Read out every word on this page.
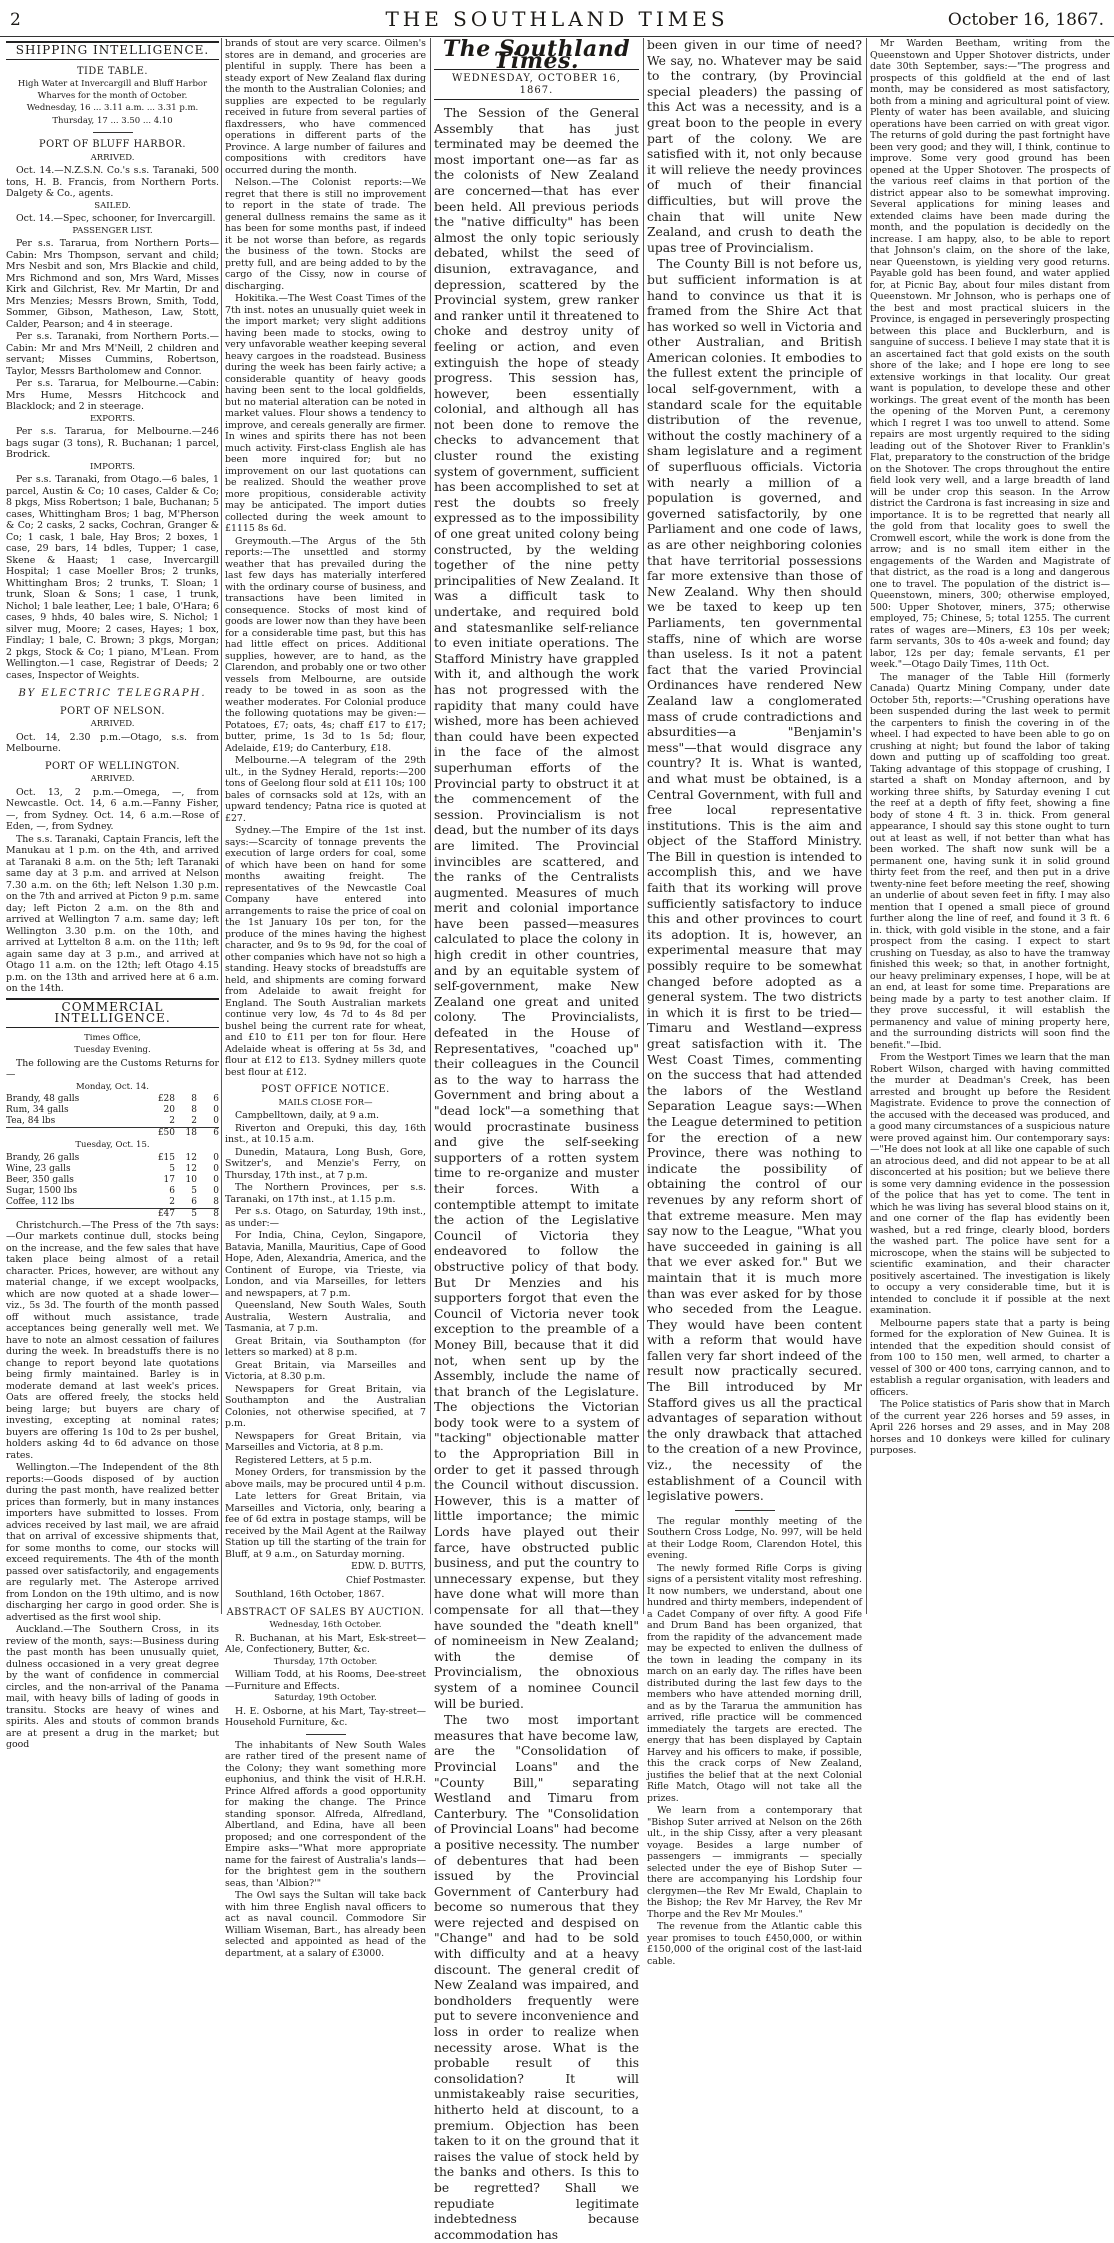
2	THE SOUTHLAND TIMES	October 16, 1867.
SHIPPING INTELLIGENCE.
TIDE TABLE.
High Water at Invercargill and Bluff Harbor Wharves for the month of October.
Wednesday, 16 ... 3.11 a.m. ... 3.31 p.m.
Thursday, 17 ... 3.50 ... 4.10
PORT OF BLUFF HARBOR.
ARRIVED.

Oct. 14.—N.Z.S.N. Co.'s s.s. Taranaki, 500 tons, H. B. Francis, from Northern Ports. Dalgety & Co., agents.

SAILED.

Oct. 14.—Spec, schooner, for Invercargill.

PASSENGER LIST.

Per s.s. Tararua, from Northern Ports—Cabin: Mrs Thompson, servant and child; Mrs Nesbit and son, Mrs Blackie and child, Mrs Richmond and son, Mrs Ward, Misses Kirk and Gilchrist, Rev. Mr Martin, Dr and Mrs Menzies; Messrs Brown, Smith, Todd, Sommer, Gibson, Matheson, Law, Stott, Calder, Pearson; and 4 in steerage.

Per s.s. Taranaki, from Northern Ports.—Cabin: Mr and Mrs M'Neill, 2 children and servant; Misses Cummins, Robertson, Taylor, Messrs Bartholomew and Connor.

Per s.s. Tararua, for Melbourne.—Cabin: Mrs Hume, Messrs Hitchcock and Blacklock; and 2 in steerage.

EXPORTS.

Per s.s. Tararua, for Melbourne.—246 bags sugar (3 tons), R. Buchanan; 1 parcel, Brodrick.

IMPORTS.

Per s.s. Taranaki, from Otago.—6 bales, 1 parcel, Austin & Co; 10 cases, Calder & Co; 8 pkgs, Miss Robertson; 1 bale, Buchanan; 5 cases, Whittingham Bros; 1 bag, M'Pherson & Co; 2 casks, 2 sacks, Cochran, Granger & Co; 1 cask, 1 bale, Hay Bros; 2 boxes, 1 case, 29 bars, 14 bdles, Tupper; 1 case, Skene & Haast; 1 case, Invercargill Hospital; 1 case Moeller Bros; 2 trunks, Whittingham Bros; 2 trunks, T. Sloan; 1 trunk, Sloan & Sons; 1 case, 1 trunk, Nichol; 1 bale leather, Lee; 1 bale, O'Hara; 6 cases, 9 hhds, 40 bales wire, S. Nichol; 1 silver mug, Moore; 2 cases, Hayes; 1 box, Findlay; 1 bale, C. Brown; 3 pkgs, Morgan; 2 pkgs, Stock & Co; 1 piano, M'Lean. From Wellington.—1 case, Registrar of Deeds; 2 cases, Inspector of Weights.

BY ELECTRIC TELEGRAPH.
PORT OF NELSON.
ARRIVED.

Oct. 14, 2.30 p.m.—Otago, s.s. from Melbourne.

PORT OF WELLINGTON.
ARRIVED.

Oct. 13, 2 p.m.—Omega, —, from Newcastle. Oct. 14, 6 a.m.—Fanny Fisher, —, from Sydney. Oct. 14, 6 a.m.—Rose of Eden, —, from Sydney.

The s.s. Taranaki, Captain Francis, left the Manukau at 1 p.m. on the 4th, and arrived at Taranaki 8 a.m. on the 5th; left Taranaki same day at 3 p.m. and arrived at Nelson 7.30 a.m. on the 6th; left Nelson 1.30 p.m. on the 7th and arrived at Picton 9 p.m. same day; left Picton 2 a.m. on the 8th and arrived at Wellington 7 a.m. same day; left Wellington 3.30 p.m. on the 10th, and arrived at Lyttelton 8 a.m. on the 11th; left again same day at 3 p.m., and arrived at Otago 11 a.m. on the 12th; left Otago 4.15 p.m. on the 13th and arrived here at 6 a.m. on the 14th.

COMMERCIAL INTELLIGENCE.
Times Office,
Tuesday Evening.

The following are the Customs Returns for—

Monday, Oct. 14.
Brandy, 48 galls	£28	8	6
Rum, 34 galls	20	8	0
Tea, 84 lbs	2	2	0
	£50	18	6
Tuesday, Oct. 15.
Brandy, 26 galls	£15	12	0
Wine, 23 galls	5	12	0
Beer, 350 galls	17	10	0
Sugar, 1500 lbs	6	5	0
Coffee, 112 lbs	2	6	8
	£47	5	8

Christchurch.—The Press of the 7th says:—Our markets continue dull, stocks being on the increase, and the few sales that have taken place being almost of a retail character. Prices, however, are without any material change, if we except woolpacks, which are now quoted at a shade lower—viz., 5s 3d. The fourth of the month passed off without much assistance, trade acceptances being generally well met. We have to note an almost cessation of failures during the week. In breadstuffs there is no change to report beyond late quotations being firmly maintained. Barley is in moderate demand at last week's prices. Oats are offered freely, the stocks held being large; but buyers are chary of investing, excepting at nominal rates; buyers are offering 1s 10d to 2s per bushel, holders asking 4d to 6d advance on those rates.

Wellington.—The Independent of the 8th reports:—Goods disposed of by auction during the past month, have realized better prices than formerly, but in many instances importers have submitted to losses. From advices received by last mail, we are afraid that on arrival of excessive shipments that, for some months to come, our stocks will exceed requirements. The 4th of the month passed over satisfactorily, and engagements are regularly met. The Asterope arrived from London on the 19th ultimo, and is now discharging her cargo in good order. She is advertised as the first wool ship.

Auckland.—The Southern Cross, in its review of the month, says:—Business during the past month has been unusually quiet, dulness occasioned in a very great degree by the want of confidence in commercial circles, and the non-arrival of the Panama mail, with heavy bills of lading of goods in transitu. Stocks are heavy of wines and spirits. Ales and stouts of common brands are at present a drug in the market; but good

brands of stout are very scarce. Oilmen's stores are in demand, and groceries are plentiful in supply. There has been a steady export of New Zealand flax during the month to the Australian Colonies; and supplies are expected to be regularly received in future from several parties of flaxdressers, who have commenced operations in different parts of the Province. A large number of failures and compositions with creditors have occurred during the month.

Nelson.—The Colonist reports:—We regret that there is still no improvement to report in the state of trade. The general dullness remains the same as it has been for some months past, if indeed it be not worse than before, as regards the business of the town. Stocks are pretty full, and are being added to by the cargo of the Cissy, now in course of discharging.

Hokitika.—The West Coast Times of the 7th inst. notes an unusually quiet week in the import market; very slight additions having been made to stocks, owing to very unfavorable weather keeping several heavy cargoes in the roadstead. Business during the week has been fairly active; a considerable quantity of heavy goods having been sent to the local goldfields, but no material alteration can be noted in market values. Flour shows a tendency to improve, and cereals generally are firmer. In wines and spirits there has not been much activity. First-class English ale has been more inquired for; but no improvement on our last quotations can be realized. Should the weather prove more propitious, considerable activity may be anticipated. The import duties collected during the week amount to £1115 8s 6d.

Greymouth.—The Argus of the 5th reports:—The unsettled and stormy weather that has prevailed during the last few days has materially interfered with the ordinary course of business, and transactions have been limited in consequence. Stocks of most kind of goods are lower now than they have been for a considerable time past, but this has had little effect on prices. Additional supplies, however, are to hand, as the Clarendon, and probably one or two other vessels from Melbourne, are outside ready to be towed in as soon as the weather moderates. For Colonial produce the following quotations may be given:—Potatoes, £7; oats, 4s; chaff £17 to £17; butter, prime, 1s 3d to 1s 5d; flour, Adelaide, £19; do Canterbury, £18.

Melbourne.—A telegram of the 29th ult., in the Sydney Herald, reports:—200 tons of Geelong flour sold at £11 10s; 100 bales of cornsacks sold at 12s, with an upward tendency; Patna rice is quoted at £27.

Sydney.—The Empire of the 1st inst. says:—Scarcity of tonnage prevents the execution of large orders for coal, some of which have been on hand for some months awaiting freight. The representatives of the Newcastle Coal Company have entered into arrangements to raise the price of coal on the 1st January 10s per ton, for the produce of the mines having the highest character, and 9s to 9s 9d, for the coal of other companies which have not so high a standing. Heavy stocks of breadstuffs are held, and shipments are coming forward from Adelaide to await freight for England. The South Australian markets continue very low, 4s 7d to 4s 8d per bushel being the current rate for wheat, and £10 to £11 per ton for flour. Here Adelaide wheat is offering at 5s 3d, and flour at £12 to £13. Sydney millers quote best flour at £12.

POST OFFICE NOTICE.
MAILS CLOSE FOR—

Campbelltown, daily, at 9 a.m.

Riverton and Orepuki, this day, 16th inst., at 10.15 a.m.

Dunedin, Mataura, Long Bush, Gore, Switzer's, and Menzie's Ferry, on Thursday, 17th inst., at 7 p.m.

The Northern Provinces, per s.s. Taranaki, on 17th inst., at 1.15 p.m.

Per s.s. Otago, on Saturday, 19th inst., as under:—

For India, China, Ceylon, Singapore, Batavia, Manilla, Mauritius, Cape of Good Hope, Aden, Alexandria, America, and the Continent of Europe, via Trieste, via London, and via Marseilles, for letters and newspapers, at 7 p.m.

Queensland, New South Wales, South Australia, Western Australia, and Tasmania, at 7 p.m.

Great Britain, via Southampton (for letters so marked) at 8 p.m.

Great Britain, via Marseilles and Victoria, at 8.30 p.m.

Newspapers for Great Britain, via Southampton and the Australian Colonies, not otherwise specified, at 7 p.m.

Newspapers for Great Britain, via Marseilles and Victoria, at 8 p.m.

Registered Letters, at 5 p.m.

Money Orders, for transmission by the above mails, may be procured until 4 p.m.

Late letters for Great Britain, via Marseilles and Victoria, only, bearing a fee of 6d extra in postage stamps, will be received by the Mail Agent at the Railway Station up till the starting of the train for Bluff, at 9 a.m., on Saturday morning.

EDW. D. BUTTS,
Chief Postmaster.

Southland, 16th October, 1867.

ABSTRACT OF SALES BY AUCTION.
Wednesday, 16th October.

R. Buchanan, at his Mart, Esk-street—Ale, Confectionery, Butter, &c.

Thursday, 17th October.

William Todd, at his Rooms, Dee-street—Furniture and Effects.

Saturday, 19th October.

H. E. Osborne, at his Mart, Tay-street—Household Furniture, &c.

The inhabitants of New South Wales are rather tired of the present name of the Colony; they want something more euphonius, and think the visit of H.R.H. Prince Alfred affords a good opportunity for making the change. The Prince standing sponsor. Alfreda, Alfredland, Albertland, and Edina, have all been proposed; and one correspondent of the Empire asks—"What more appropriate name for the fairest of Australia's lands—for the brightest gem in the southern seas, than 'Albion?'"

The Owl says the Sultan will take back with him three English naval officers to act as naval council. Commodore Sir William Wiseman, Bart., has already been selected and appointed as head of the department, at a salary of £3000.

The Southland Times.
WEDNESDAY, OCTOBER 16, 1867.

The Session of the General Assembly that has just terminated may be deemed the most important one—as far as the colonists of New Zealand are concerned—that has ever been held. All previous periods the "native difficulty" has been almost the only topic seriously debated, whilst the seed of disunion, extravagance, and depression, scattered by the Provincial system, grew ranker and ranker until it threatened to choke and destroy unity of feeling or action, and even extinguish the hope of steady progress. This session has, however, been essentially colonial, and although all has not been done to remove the checks to advancement that cluster round the existing system of government, sufficient has been accomplished to set at rest the doubts so freely expressed as to the impossibility of one great united colony being constructed, by the welding together of the nine petty principalities of New Zealand. It was a difficult task to undertake, and required bold and statesmanlike self-reliance to even initiate operations. The Stafford Ministry have grappled with it, and although the work has not progressed with the rapidity that many could have wished, more has been achieved than could have been expected in the face of the almost superhuman efforts of the Provincial party to obstruct it at the commencement of the session. Provincialism is not dead, but the number of its days are limited. The Provincial invincibles are scattered, and the ranks of the Centralists augmented. Measures of much merit and colonial importance have been passed—measures calculated to place the colony in high credit in other countries, and by an equitable system of self-government, make New Zealand one great and united colony. The Provincialists, defeated in the House of Representatives, "coached up" their colleagues in the Council as to the way to harrass the Government and bring about a "dead lock"—a something that would procrastinate business and give the self-seeking supporters of a rotten system time to re-organize and muster their forces. With a contemptible attempt to imitate the action of the Legislative Council of Victoria they endeavored to follow the obstructive policy of that body. But Dr Menzies and his supporters forgot that even the Council of Victoria never took exception to the preamble of a Money Bill, because that it did not, when sent up by the Assembly, include the name of that branch of the Legislature. The objections the Victorian body took were to a system of "tacking" objectionable matter to the Appropriation Bill in order to get it passed through the Council without discussion. However, this is a matter of little importance; the mimic Lords have played out their farce, have obstructed public business, and put the country to unnecessary expense, but they have done what will more than compensate for all that—they have sounded the "death knell" of nomineeism in New Zealand; with the demise of Provincialism, the obnoxious system of a nominee Council will be buried.

The two most important measures that have become law, are the "Consolidation of Provincial Loans" and the "County Bill," separating Westland and Timaru from Canterbury. The "Consolidation of Provincial Loans" had become a positive necessity. The number of debentures that had been issued by the Provincial Government of Canterbury had become so numerous that they were rejected and despised on "Change" and had to be sold with difficulty and at a heavy discount. The general credit of New Zealand was impaired, and bondholders frequently were put to severe inconvenience and loss in order to realize when necessity arose. What is the probable result of this consolidation? It will unmistakeably raise securities, hitherto held at discount, to a premium. Objection has been taken to it on the ground that it raises the value of stock held by the banks and others. Is this to be regretted? Shall we repudiate legitimate indebtedness because accommodation has

been given in our time of need? We say, no. Whatever may be said to the contrary, (by Provincial special pleaders) the passing of this Act was a necessity, and is a great boon to the people in every part of the colony. We are satisfied with it, not only because it will relieve the needy provinces of much of their financial difficulties, but will prove the chain that will unite New Zealand, and crush to death the upas tree of Provincialism.

The County Bill is not before us, but sufficient information is at hand to convince us that it is framed from the Shire Act that has worked so well in Victoria and other Australian, and British American colonies. It embodies to the fullest extent the principle of local self-government, with a standard scale for the equitable distribution of the revenue, without the costly machinery of a sham legislature and a regiment of superfluous officials. Victoria with nearly a million of a population is governed, and governed satisfactorily, by one Parliament and one code of laws, as are other neighboring colonies that have territorial possessions far more extensive than those of New Zealand. Why then should we be taxed to keep up ten Parliaments, ten governmental staffs, nine of which are worse than useless. Is it not a patent fact that the varied Provincial Ordinances have rendered New Zealand law a conglomerated mass of crude contradictions and absurdities—a "Benjamin's mess"—that would disgrace any country? It is. What is wanted, and what must be obtained, is a Central Government, with full and free local representative institutions. This is the aim and object of the Stafford Ministry. The Bill in question is intended to accomplish this, and we have faith that its working will prove sufficiently satisfactory to induce this and other provinces to court its adoption. It is, however, an experimental measure that may possibly require to be somewhat changed before adopted as a general system. The two districts in which it is first to be tried—Timaru and Westland—express great satisfaction with it. The West Coast Times, commenting on the success that had attended the labors of the Westland Separation League says:—When the League determined to petition for the erection of a new Province, there was nothing to indicate the possibility of obtaining the control of our revenues by any reform short of that extreme measure. Men may say now to the League, "What you have succeeded in gaining is all that we ever asked for." But we maintain that it is much more than was ever asked for by those who seceded from the League. They would have been content with a reform that would have fallen very far short indeed of the result now practically secured. The Bill introduced by Mr Stafford gives us all the practical advantages of separation without the only drawback that attached to the creation of a new Province, viz., the necessity of the establishment of a Council with legislative powers.

The regular monthly meeting of the Southern Cross Lodge, No. 997, will be held at their Lodge Room, Clarendon Hotel, this evening.

The newly formed Rifle Corps is giving signs of a persistent vitality most refreshing. It now numbers, we understand, about one hundred and thirty members, independent of a Cadet Company of over fifty. A good Fife and Drum Band has been organized, that from the rapidity of the advancement made may be expected to enliven the dullness of the town in leading the company in its march on an early day. The rifles have been distributed during the last few days to the members who have attended morning drill, and as by the Tararua the ammunition has arrived, rifle practice will be commenced immediately the targets are erected. The energy that has been displayed by Captain Harvey and his officers to make, if possible, this the crack corps of New Zealand, justifies the belief that at the next Colonial Rifle Match, Otago will not take all the prizes.

We learn from a contemporary that "Bishop Suter arrived at Nelson on the 26th ult., in the ship Cissy, after a very pleasant voyage. Besides a large number of passengers — immigrants — specially selected under the eye of Bishop Suter — there are accompanying his Lordship four clergymen—the Rev Mr Ewald, Chaplain to the Bishop; the Rev Mr Harvey, the Rev Mr Thorpe and the Rev Mr Moules."

The revenue from the Atlantic cable this year promises to touch £450,000, or within £150,000 of the original cost of the last-laid cable.

Mr Warden Beetham, writing from the Queenstown and Upper Shotover districts, under date 30th September, says:—"The progress and prospects of this goldfield at the end of last month, may be considered as most satisfactory, both from a mining and agricultural point of view. Plenty of water has been available, and sluicing operations have been carried on with great vigor. The returns of gold during the past fortnight have been very good; and they will, I think, continue to improve. Some very good ground has been opened at the Upper Shotover. The prospects of the various reef claims in that portion of the district appear also to be somewhat improving. Several applications for mining leases and extended claims have been made during the month, and the population is decidedly on the increase. I am happy, also, to be able to report that Johnson's claim, on the shore of the lake, near Queenstown, is yielding very good returns. Payable gold has been found, and water applied for, at Picnic Bay, about four miles distant from Queenstown. Mr Johnson, who is perhaps one of the best and most practical sluicers in the Province, is engaged in perseveringly prospecting between this place and Bucklerburn, and is sanguine of success. I believe I may state that it is an ascertained fact that gold exists on the south shore of the lake; and I hope ere long to see extensive workings in that locality. Our great want is population, to develope these and other workings. The great event of the month has been the opening of the Morven Punt, a ceremony which I regret I was too unwell to attend. Some repairs are most urgently required to the siding leading out of the Shotover River to Franklin's Flat, preparatory to the construction of the bridge on the Shotover. The crops throughout the entire field look very well, and a large breadth of land will be under crop this season. In the Arrow district the Cardrona is fast increasing in size and importance. It is to be regretted that nearly all the gold from that locality goes to swell the Cromwell escort, while the work is done from the arrow; and is no small item either in the engagements of the Warden and Magistrate of that district, as the road is a long and dangerous one to travel. The population of the district is—Queenstown, miners, 300; otherwise employed, 500: Upper Shotover, miners, 375; otherwise employed, 75; Chinese, 5; total 1255. The current rates of wages are—Miners, £3 10s per week; farm servants, 30s to 40s a-week and found; day labor, 12s per day; female servants, £1 per week."—Otago Daily Times, 11th Oct.

The manager of the Table Hill (formerly Canada) Quartz Mining Company, under date October 5th, reports:—"Crushing operations have been suspended during the last week to permit the carpenters to finish the covering in of the wheel. I had expected to have been able to go on crushing at night; but found the labor of taking down and putting up of scaffolding too great. Taking advantage of this stoppage of crushing, I started a shaft on Monday afternoon, and by working three shifts, by Saturday evening I cut the reef at a depth of fifty feet, showing a fine body of stone 4 ft. 3 in. thick. From general appearance, I should say this stone ought to turn out at least as well, if not better than what has been worked. The shaft now sunk will be a permanent one, having sunk it in solid ground thirty feet from the reef, and then put in a drive twenty-nine feet before meeting the reef, showing an underlie of about seven feet in fifty. I may also mention that I opened a small piece of ground further along the line of reef, and found it 3 ft. 6 in. thick, with gold visible in the stone, and a fair prospect from the casing. I expect to start crushing on Tuesday, as also to have the tramway finished this week; so that, in another fortnight, our heavy preliminary expenses, I hope, will be at an end, at least for some time. Preparations are being made by a party to test another claim. If they prove successful, it will establish the permanency and value of mining property here, and the surrounding districts will soon find the benefit."—Ibid.

From the Westport Times we learn that the man Robert Wilson, charged with having committed the murder at Deadman's Creek, has been arrested and brought up before the Resident Magistrate. Evidence to prove the connection of the accused with the deceased was produced, and a good many circumstances of a suspicious nature were proved against him. Our contemporary says:—"He does not look at all like one capable of such an atrocious deed, and did not appear to be at all disconcerted at his position; but we believe there is some very damning evidence in the possession of the police that has yet to come. The tent in which he was living has several blood stains on it, and one corner of the flap has evidently been washed, but a red fringe, clearly blood, borders the washed part. The police have sent for a microscope, when the stains will be subjected to scientific examination, and their character positively ascertained. The investigation is likely to occupy a very considerable time, but it is intended to conclude it if possible at the next examination.

Melbourne papers state that a party is being formed for the exploration of New Guinea. It is intended that the expedition should consist of from 100 to 150 men, well armed, to charter a vessel of 300 or 400 tons, carrying cannon, and to establish a regular organisation, with leaders and officers.

The Police statistics of Paris show that in March of the current year 226 horses and 59 asses, in April 226 horses and 29 asses, and in May 208 horses and 10 donkeys were killed for culinary purposes.
